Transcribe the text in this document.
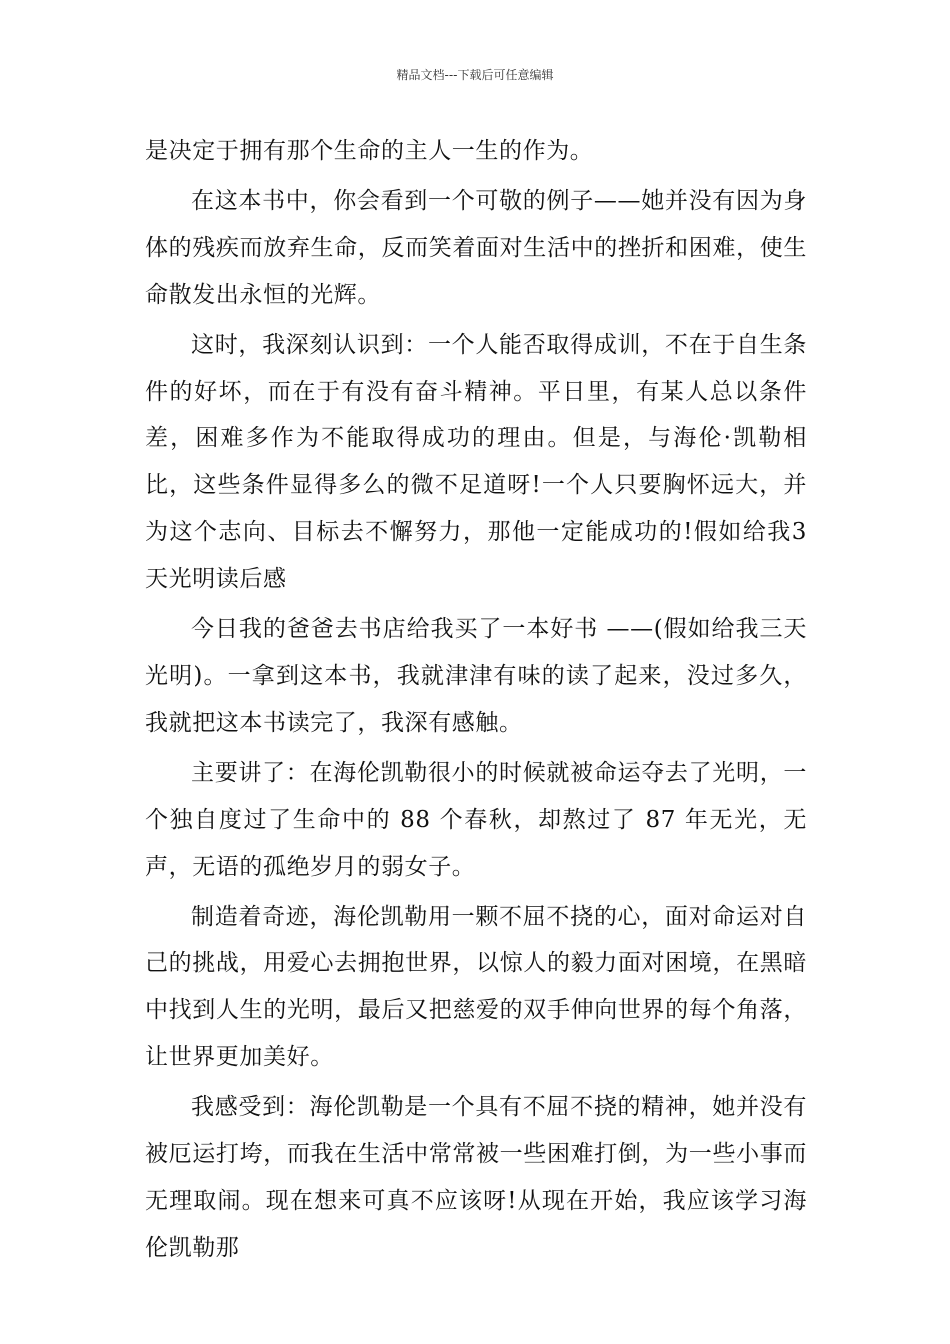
精品文档---下载后可任意编辑

是决定于拥有那个生命的主人一生的作为。

在这本书中，你会看到一个可敬的例子——她并没有因为身体的残疾而放弃生命，反而笑着面对生活中的挫折和困难，使生命散发出永恒的光辉。

这时，我深刻认识到：一个人能否取得成训，不在于自生条件的好坏，而在于有没有奋斗精神。平日里，有某人总以条件差，困难多作为不能取得成功的理由。但是，与海伦·凯勒相比，这些条件显得多么的微不足道呀!一个人只要胸怀远大，并为这个志向、目标去不懈努力，那他一定能成功的!假如给我3天光明读后感

今日我的爸爸去书店给我买了一本好书 ——(假如给我三天光明)。一拿到这本书，我就津津有味的读了起来，没过多久，我就把这本书读完了，我深有感触。

主要讲了：在海伦凯勒很小的时候就被命运夺去了光明，一个独自度过了生命中的 88 个春秋，却熬过了 87 年无光，无声，无语的孤绝岁月的弱女子。

制造着奇迹，海伦凯勒用一颗不屈不挠的心，面对命运对自己的挑战，用爱心去拥抱世界，以惊人的毅力面对困境，在黑暗中找到人生的光明，最后又把慈爱的双手伸向世界的每个角落，让世界更加美好。

我感受到：海伦凯勒是一个具有不屈不挠的精神，她并没有被厄运打垮，而我在生活中常常被一些困难打倒，为一些小事而无理取闹。现在想来可真不应该呀!从现在开始，我应该学习海伦凯勒那
